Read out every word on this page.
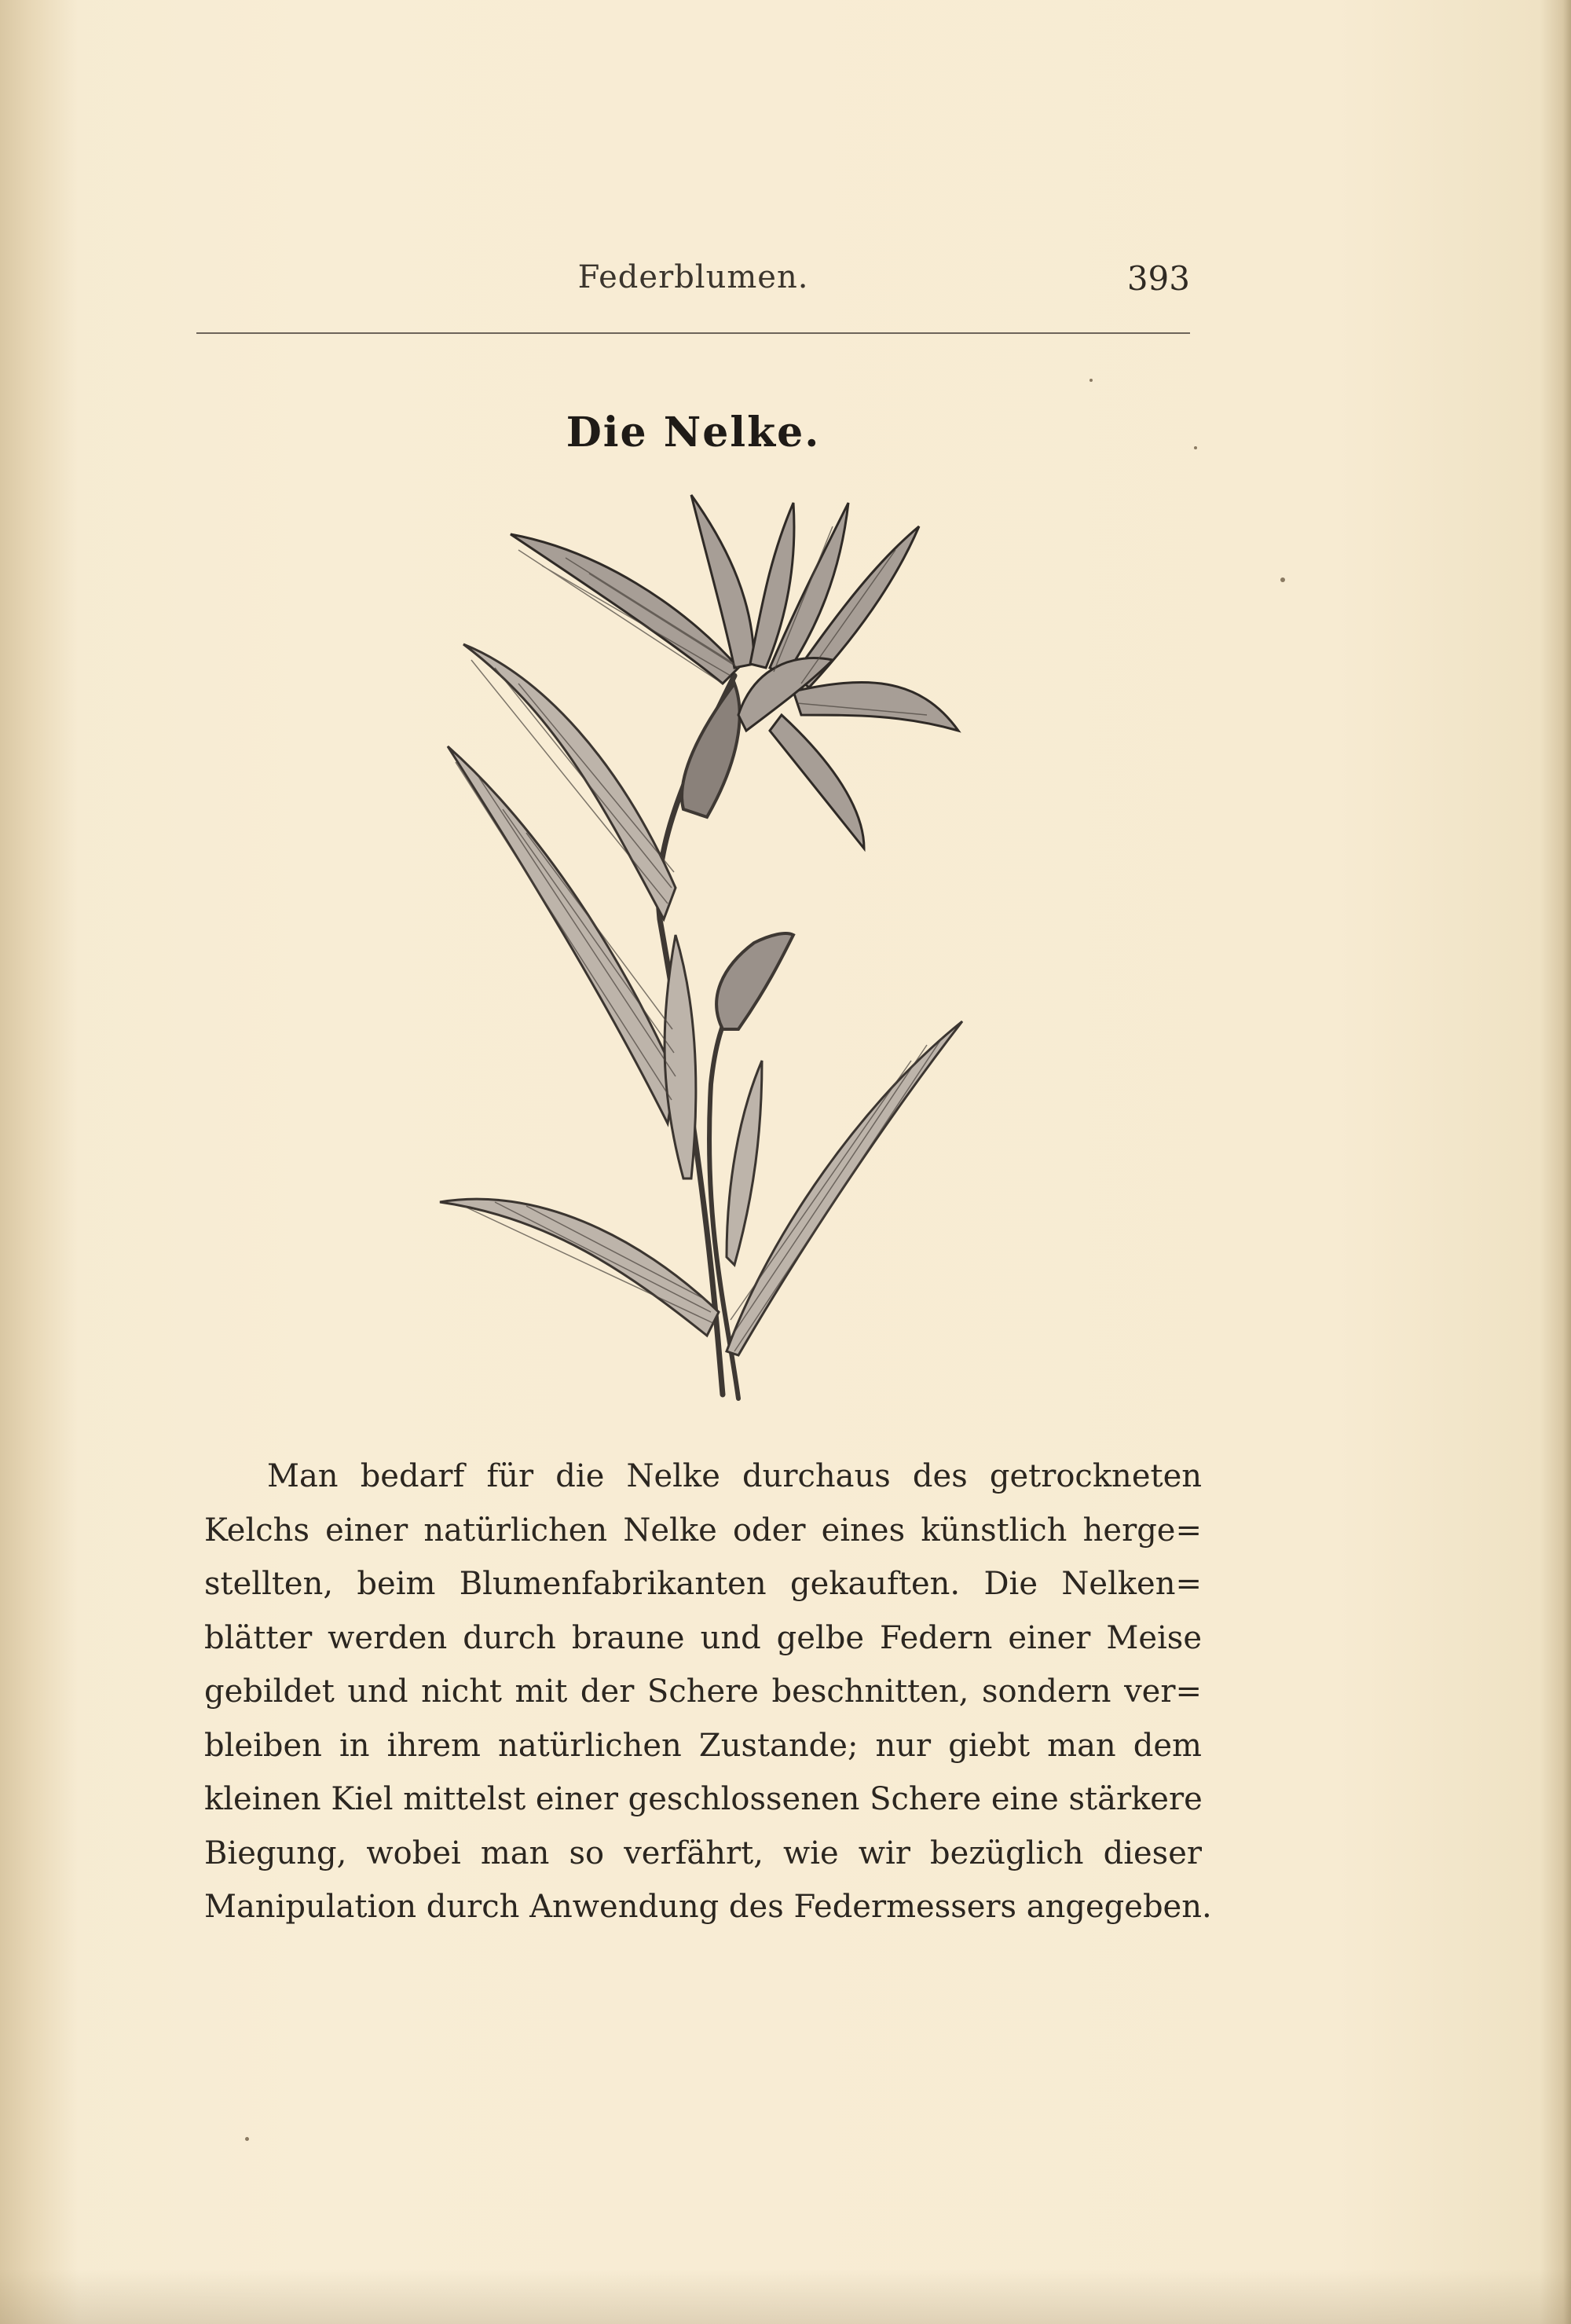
Federblumen.	393
Die Nelke.
Man bedarf für die Nelke durchaus des getrockneten
Kelchs einer natürlichen Nelke oder eines künstlich herge=
stellten, beim Blumenfabrikanten gekauften. Die Nelken=
blätter werden durch braune und gelbe Federn einer Meise
gebildet und nicht mit der Schere beschnitten, sondern ver=
bleiben in ihrem natürlichen Zustande; nur giebt man dem
kleinen Kiel mittelst einer geschlossenen Schere eine stärkere
Biegung, wobei man so verfährt, wie wir bezüglich dieser
Manipulation durch Anwendung des Federmessers angegeben.
